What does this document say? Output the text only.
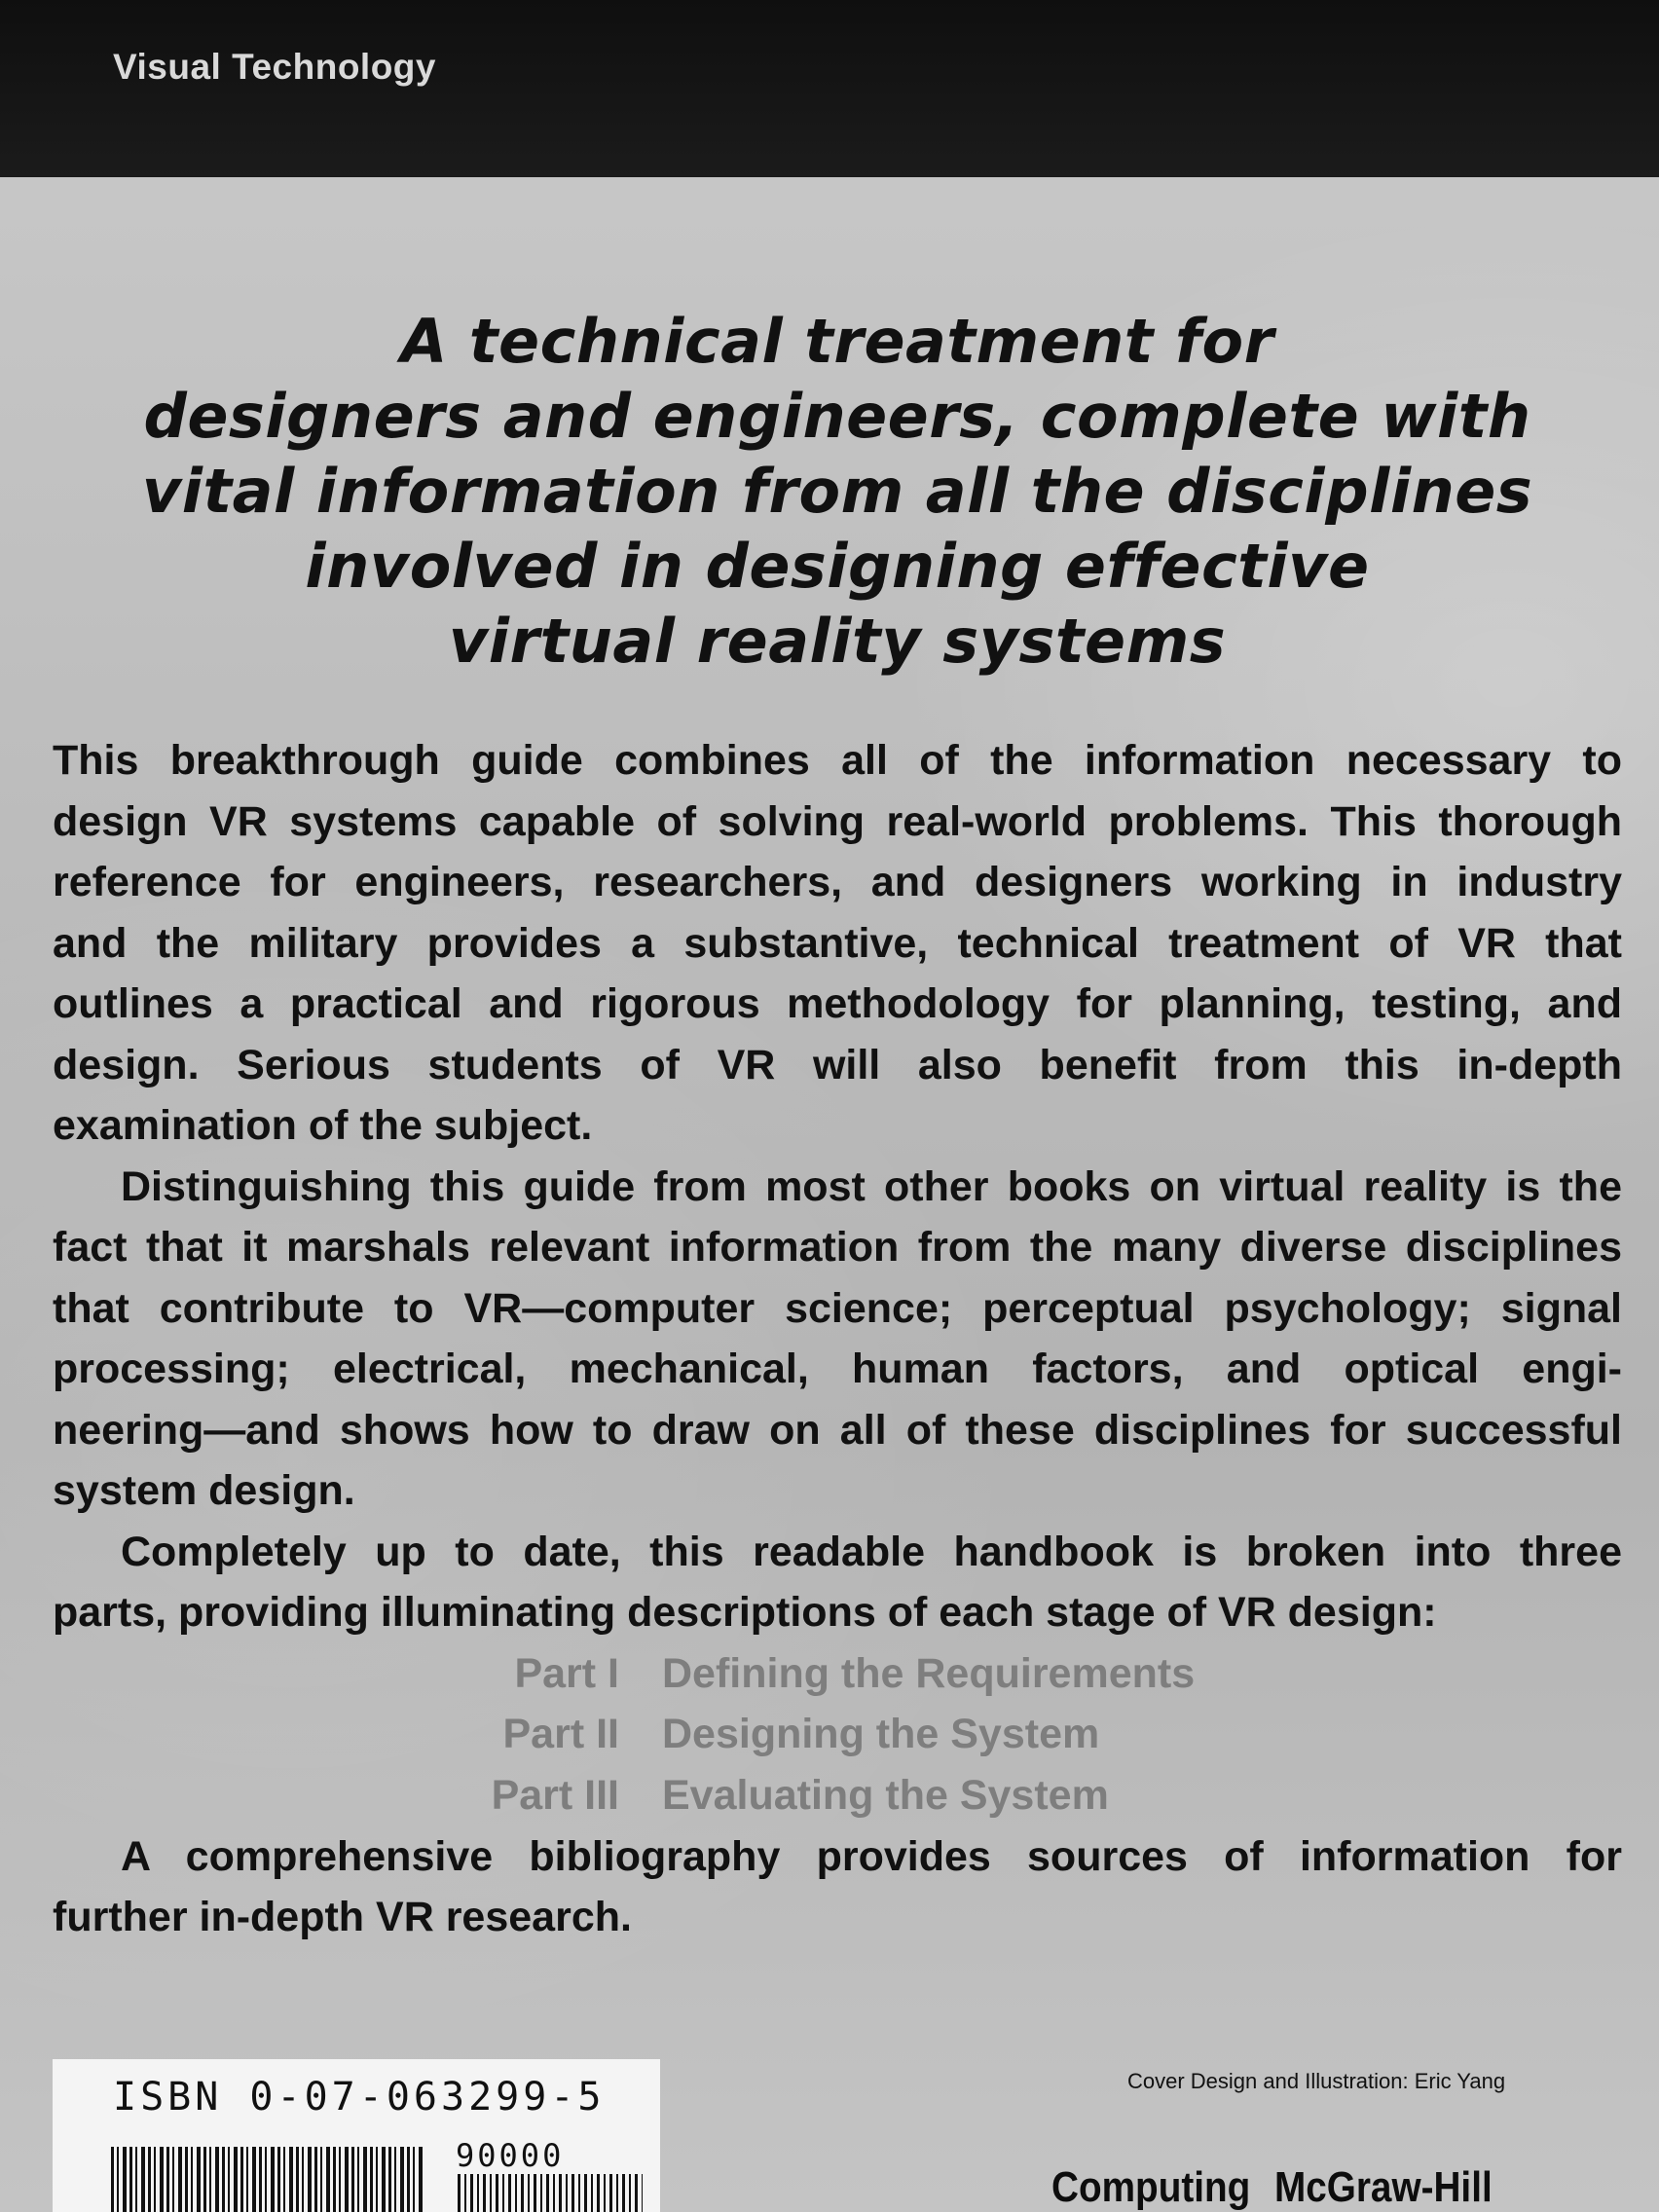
Visual Technology
A technical treatment for
designers and engineers, complete with
vital information from all the disciplines
involved in designing effective
virtual reality systems
This breakthrough guide combines all of the information necessary to
design VR systems capable of solving real-world problems. This thorough
reference for engineers, researchers, and designers working in industry
and the military provides a substantive, technical treatment of VR that
outlines a practical and rigorous methodology for planning, testing, and
design. Serious students of VR will also benefit from this in-depth
examination of the subject.
Distinguishing this guide from most other books on virtual reality is the
fact that it marshals relevant information from the many diverse disciplines
that contribute to VR—computer science; perceptual psychology; signal
processing; electrical, mechanical, human factors, and optical engi-
neering—and shows how to draw on all of these disciplines for successful
system design.
Completely up to date, this readable handbook is broken into three
parts, providing illuminating descriptions of each stage of VR design:
Part I Defining the Requirements
Part II Designing the System
Part III Evaluating the System
A comprehensive bibliography provides sources of information for
further in-depth VR research.
ISBN 0-07-063299-5
90000
Cover Design and Illustration: Eric Yang
Computing McGraw-Hill
